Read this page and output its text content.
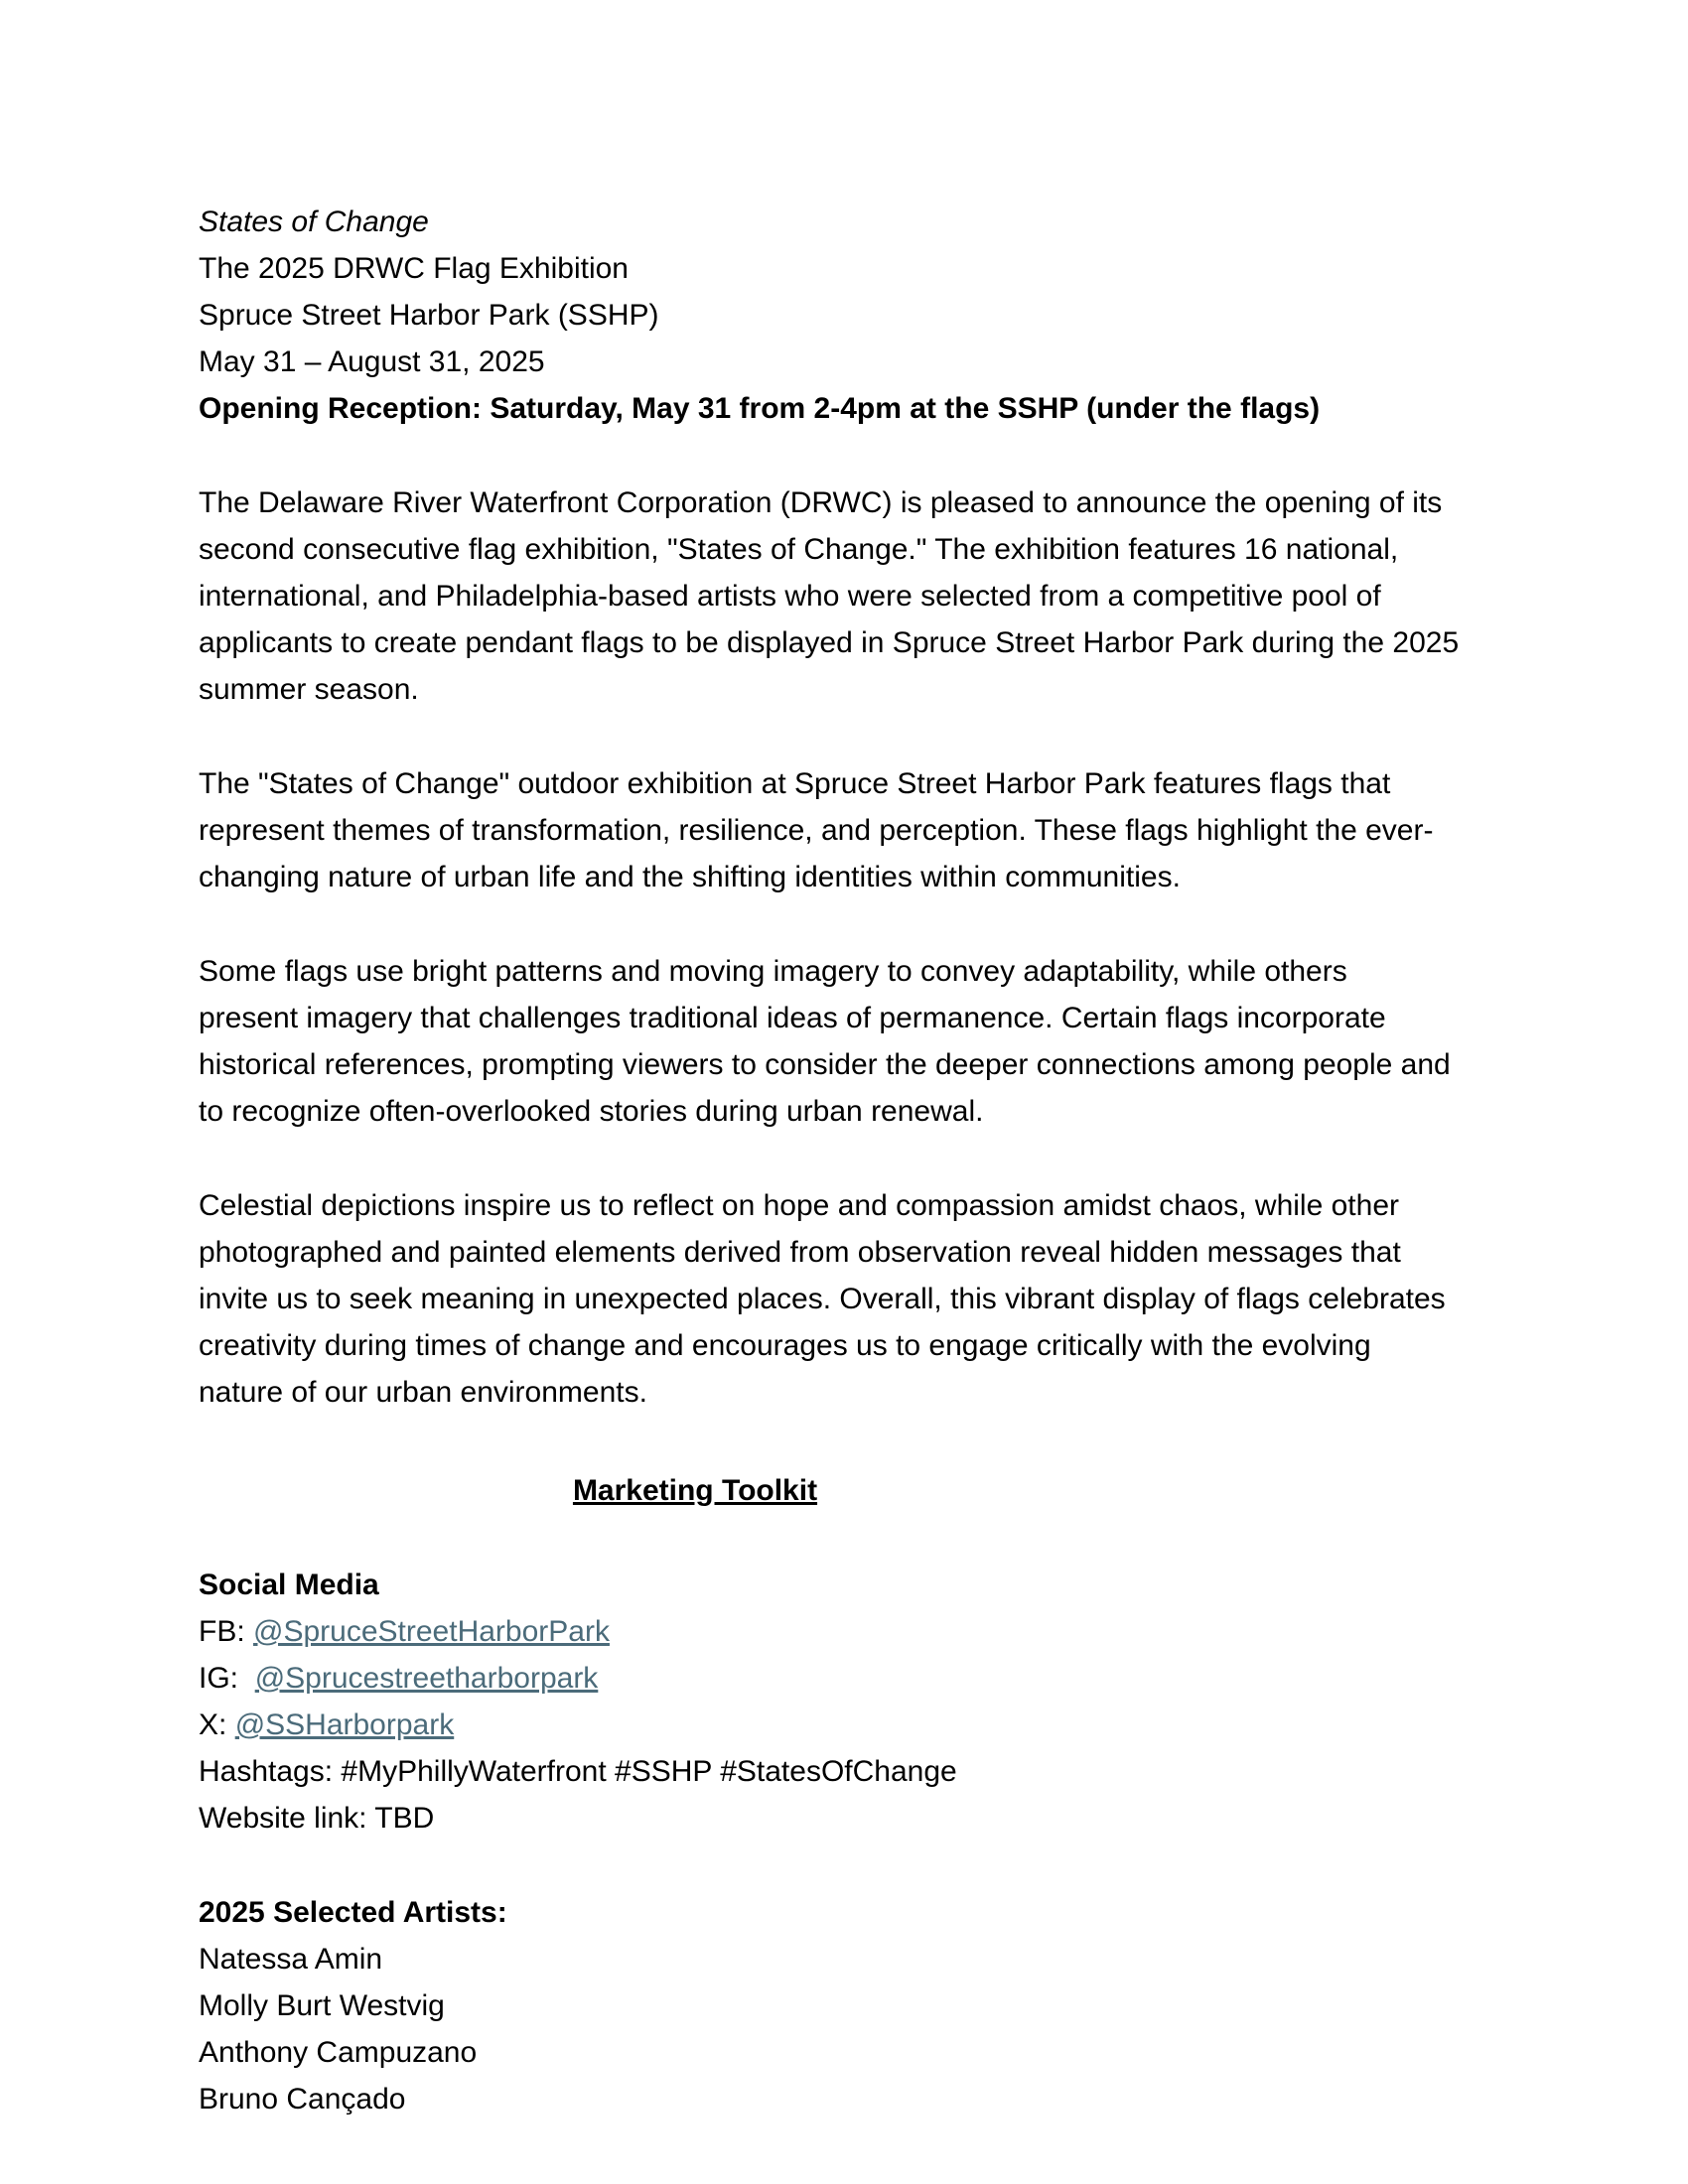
States of Change
The 2025 DRWC Flag Exhibition
Spruce Street Harbor Park (SSHP)
May 31 – August 31, 2025
Opening Reception: Saturday, May 31 from 2-4pm at the SSHP (under the flags)
The Delaware River Waterfront Corporation (DRWC) is pleased to announce the opening of its
second consecutive flag exhibition, "States of Change." The exhibition features 16 national,
international, and Philadelphia-based artists who were selected from a competitive pool of
applicants to create pendant flags to be displayed in Spruce Street Harbor Park during the 2025
summer season.
The "States of Change" outdoor exhibition at Spruce Street Harbor Park features flags that
represent themes of transformation, resilience, and perception. These flags highlight the ever-
changing nature of urban life and the shifting identities within communities.
Some flags use bright patterns and moving imagery to convey adaptability, while others
present imagery that challenges traditional ideas of permanence. Certain flags incorporate
historical references, prompting viewers to consider the deeper connections among people and
to recognize often-overlooked stories during urban renewal.
Celestial depictions inspire us to reflect on hope and compassion amidst chaos, while other
photographed and painted elements derived from observation reveal hidden messages that
invite us to seek meaning in unexpected places. Overall, this vibrant display of flags celebrates
creativity during times of change and encourages us to engage critically with the evolving
nature of our urban environments.
Marketing Toolkit
Social Media
FB: @SpruceStreetHarborPark
IG:  @Sprucestreetharborpark
X: @SSHarborpark
Hashtags: #MyPhillyWaterfront #SSHP #StatesOfChange
Website link: TBD
2025 Selected Artists:
Natessa Amin
Molly Burt Westvig
Anthony Campuzano
Bruno Cançado
